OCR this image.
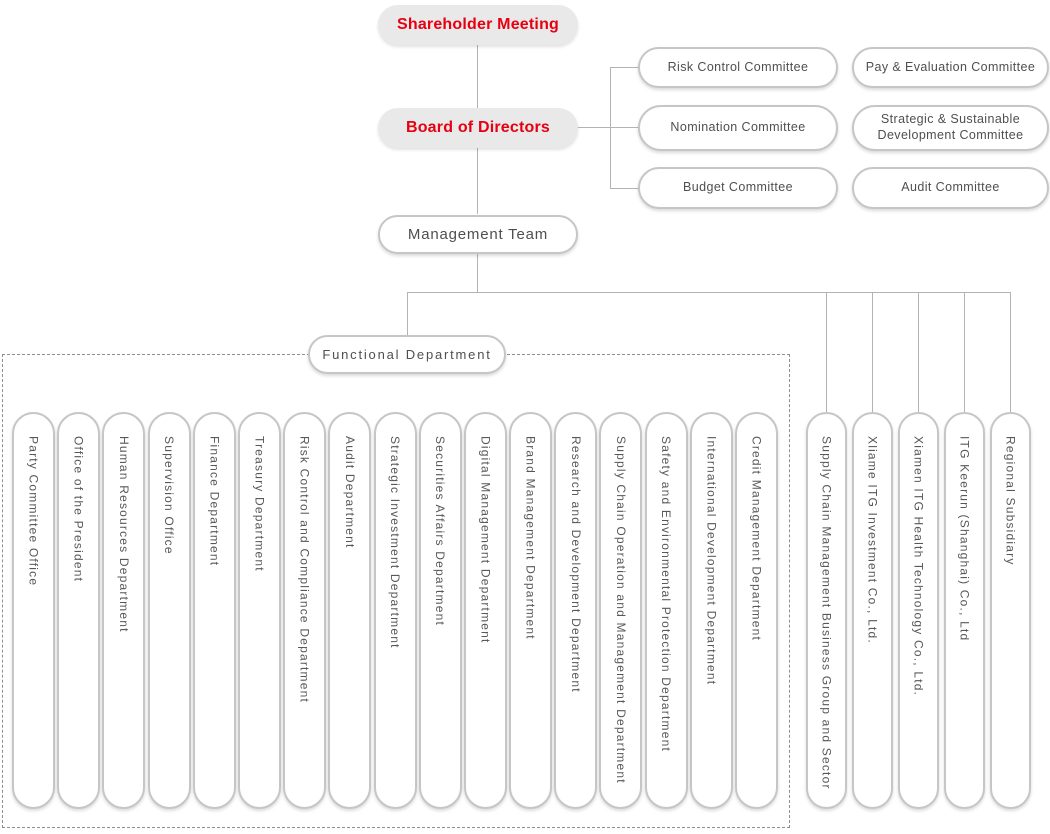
Shareholder Meeting
Board of Directors
Management Team
Functional Department
Risk Control Committee	Pay & Evaluation Committee
Nomination Committee
Strategic & Sustainable Development Committee
Budget Committee	Audit Committee
Party Committee Office	Office of the President	Human Resources Department	Supervision Office	Finance Department	Treasury Department	Risk Control and Compliance Department	Audit Department	Strategic Investment Department	Securities Affairs Department	Digital Management Department	Brand Management Department	Research and Development Department	Supply Chain Operation and Management Department	Safety and Environmental Protection Department	International Development Department	Credit Management Department	Supply Chain Management Business Group and Sector	Xliame ITG Investment Co., Ltd.	Xiamen ITG Health Technology Co., Ltd.	ITG Keerun (Shanghai) Co., Ltd	Regional Subsidiary
